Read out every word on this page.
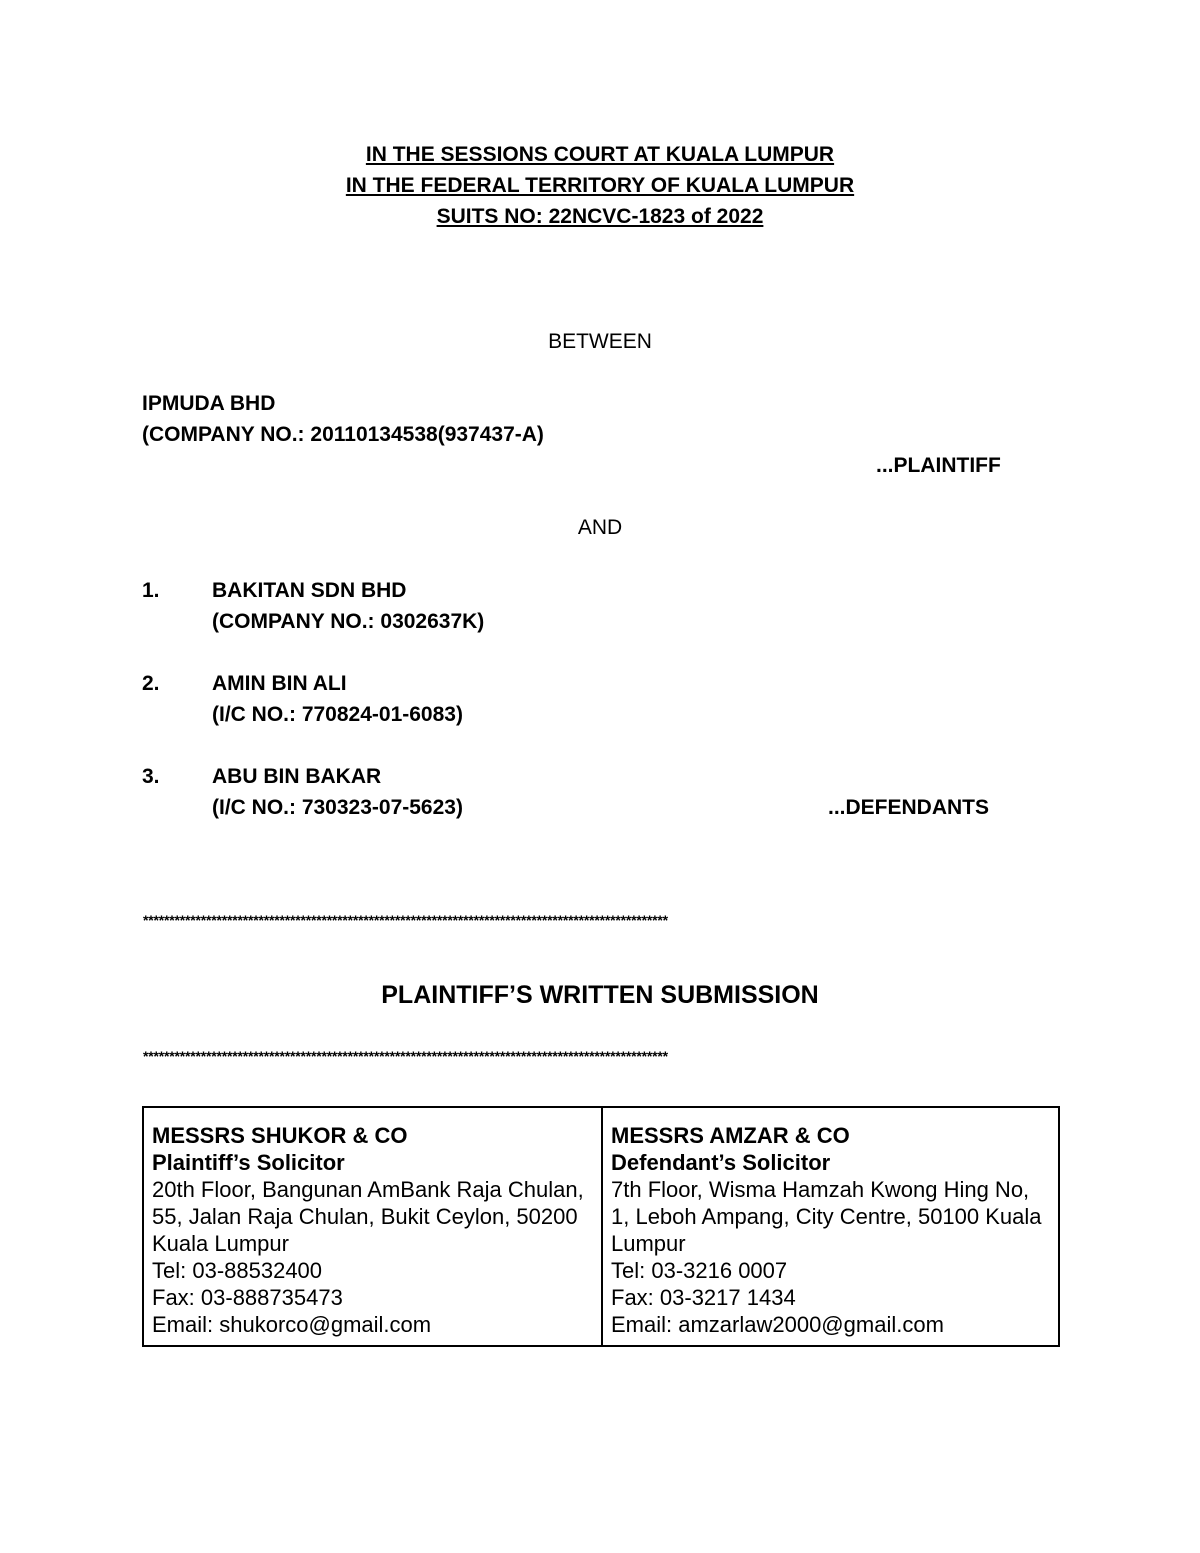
IN THE SESSIONS COURT AT KUALA LUMPUR
IN THE FEDERAL TERRITORY OF KUALA LUMPUR
SUITS NO: 22NCVC-1823 of 2022
BETWEEN
IPMUDA BHD
(COMPANY NO.: 20110134538(937437-A)
...PLAINTIFF
AND
1. BAKITAN SDN BHD
(COMPANY NO.: 0302637K)
2. AMIN BIN ALI
(I/C NO.: 770824-01-6083)
3. ABU BIN BAKAR
(I/C NO.: 730323-07-5623)	...DEFENDANTS
****************************************************************************************************
PLAINTIFF’S WRITTEN SUBMISSION
****************************************************************************************************
MESSRS SHUKOR & CO
Plaintiff’s Solicitor
20th Floor, Bangunan AmBank Raja Chulan, 55, Jalan Raja Chulan, Bukit Ceylon, 50200 Kuala Lumpur
Tel: 03-88532400
Fax: 03-888735473
Email: shukorco@gmail.com

MESSRS AMZAR & CO
Defendant’s Solicitor
7th Floor, Wisma Hamzah Kwong Hing No, 1, Leboh Ampang, City Centre, 50100 Kuala Lumpur
Tel: 03-3216 0007
Fax: 03-3217 1434
Email: amzarlaw2000@gmail.com
